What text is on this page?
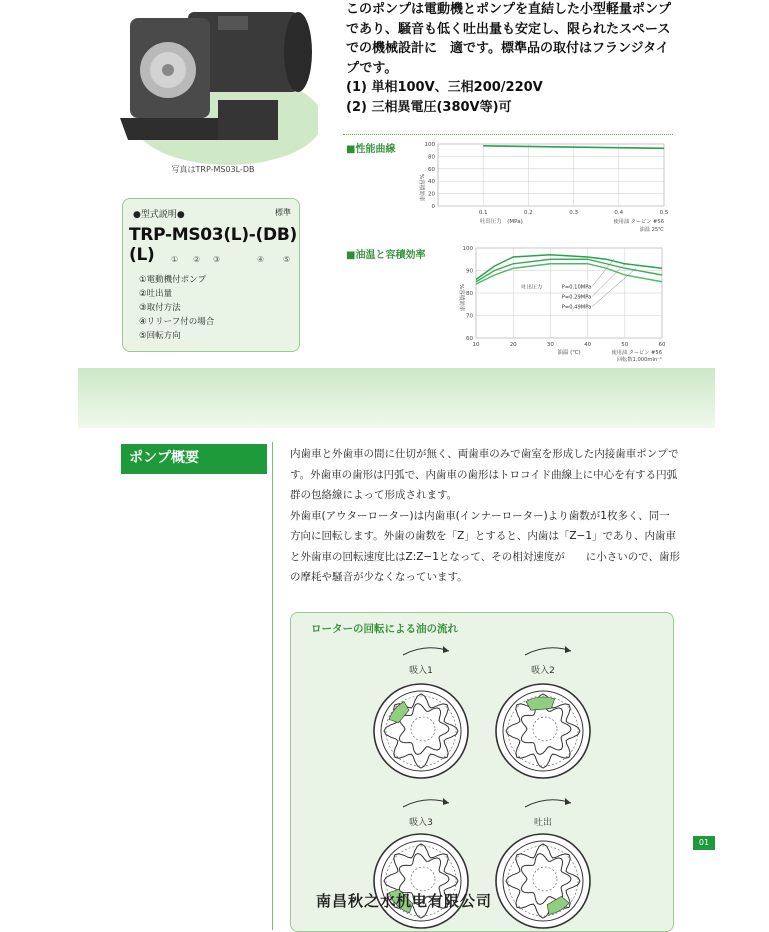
写真はTRP-MS03L-DB
●型式説明●	標準
TRP-MS03(L)-(DB)(L)	① ② ③	④ ⑤
①電動機付ポンプ
②吐出量
③取付方法
④リリーフ付の場合
⑤回転方向

このポンプは電動機とポンプを直結した小型軽量ポンプ

であり、騒音も低く吐出量も安定し、限られたスペース

での機械設計に　適です。標準品の取付はフランジタイ

プです。

(1) 単相100V、三相200/220V

(2) 三相異電圧(380V等)可

■性能曲線	100
80
60
40
20
0
0.1	0.2	0.3	0.4	0.5
%容積効率
吐出圧力　(MPa)	使用油 タービン #56
油温 25℃
■油温と容積効率
100
90
80
70
60
10	20	30	40	50	60
%容積効率
油温 (℃)	使用油 タービン #56
回転数1,000min⁻¹
吐出圧力	P=0.10MPa
P=0.29MPa
P=0.49MPa
ポンプ概要	内歯車と外歯車の間に仕切が無く、両歯車のみで歯室を形成した内接歯車ポンプです。外歯車の歯形は円弧で、内歯車の歯形はトロコイド曲線上に中心を有する円弧群の包絡線によって形成されます。

外歯車(アウターローター)は内歯車(インナーローター)より歯数が1枚多く、同一方向に回転します。外歯の歯数を「Z」とすると、内歯は「Z−1」であり、内歯車と外歯車の回転速度比はZ:Z−1となって、その相対速度が　　に小さいので、歯形の摩耗や騒音が少なくなっています。

ローターの回転による油の流れ
吸入1	吸入2
吸入3	吐出
01
南昌秋之水机电有限公司
